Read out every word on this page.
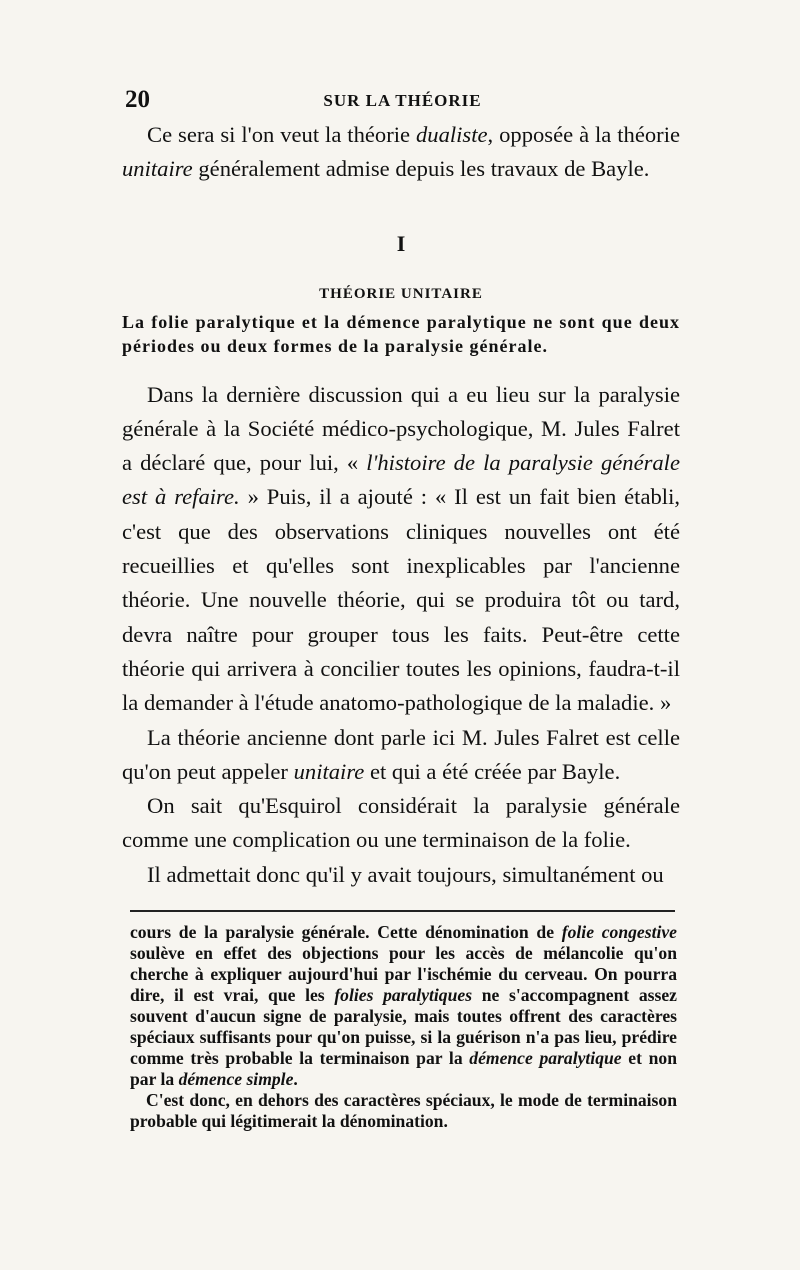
20	SUR LA THÉORIE

Ce sera si l'on veut la théorie dualiste, opposée à la théorie unitaire généralement admise depuis les travaux de Bayle.

I
THÉORIE UNITAIRE

La folie paralytique et la démence paralytique ne sont que deux périodes ou deux formes de la paralysie générale.

Dans la dernière discussion qui a eu lieu sur la paralysie générale à la Société médico-psychologique, M. Jules Falret a déclaré que, pour lui, « l'histoire de la paralysie générale est à refaire. » Puis, il a ajouté : « Il est un fait bien établi, c'est que des observations cliniques nouvelles ont été recueillies et qu'elles sont inexplicables par l'ancienne théorie. Une nouvelle théorie, qui se produira tôt ou tard, devra naître pour grouper tous les faits. Peut-être cette théorie qui arrivera à concilier toutes les opinions, faudra-t-il la demander à l'étude anatomo-pathologique de la maladie. »

La théorie ancienne dont parle ici M. Jules Falret est celle qu'on peut appeler unitaire et qui a été créée par Bayle.

On sait qu'Esquirol considérait la paralysie générale comme une complication ou une terminaison de la folie.

Il admettait donc qu'il y avait toujours, simultanément ou

cours de la paralysie générale. Cette dénomination de folie congestive soulève en effet des objections pour les accès de mélancolie qu'on cherche à expliquer aujourd'hui par l'ischémie du cerveau. On pourra dire, il est vrai, que les folies paralytiques ne s'accompagnent assez souvent d'aucun signe de paralysie, mais toutes offrent des caractères spéciaux suffisants pour qu'on puisse, si la guérison n'a pas lieu, prédire comme très probable la terminaison par la démence paralytique et non par la démence simple.

C'est donc, en dehors des caractères spéciaux, le mode de terminaison probable qui légitimerait la dénomination.
